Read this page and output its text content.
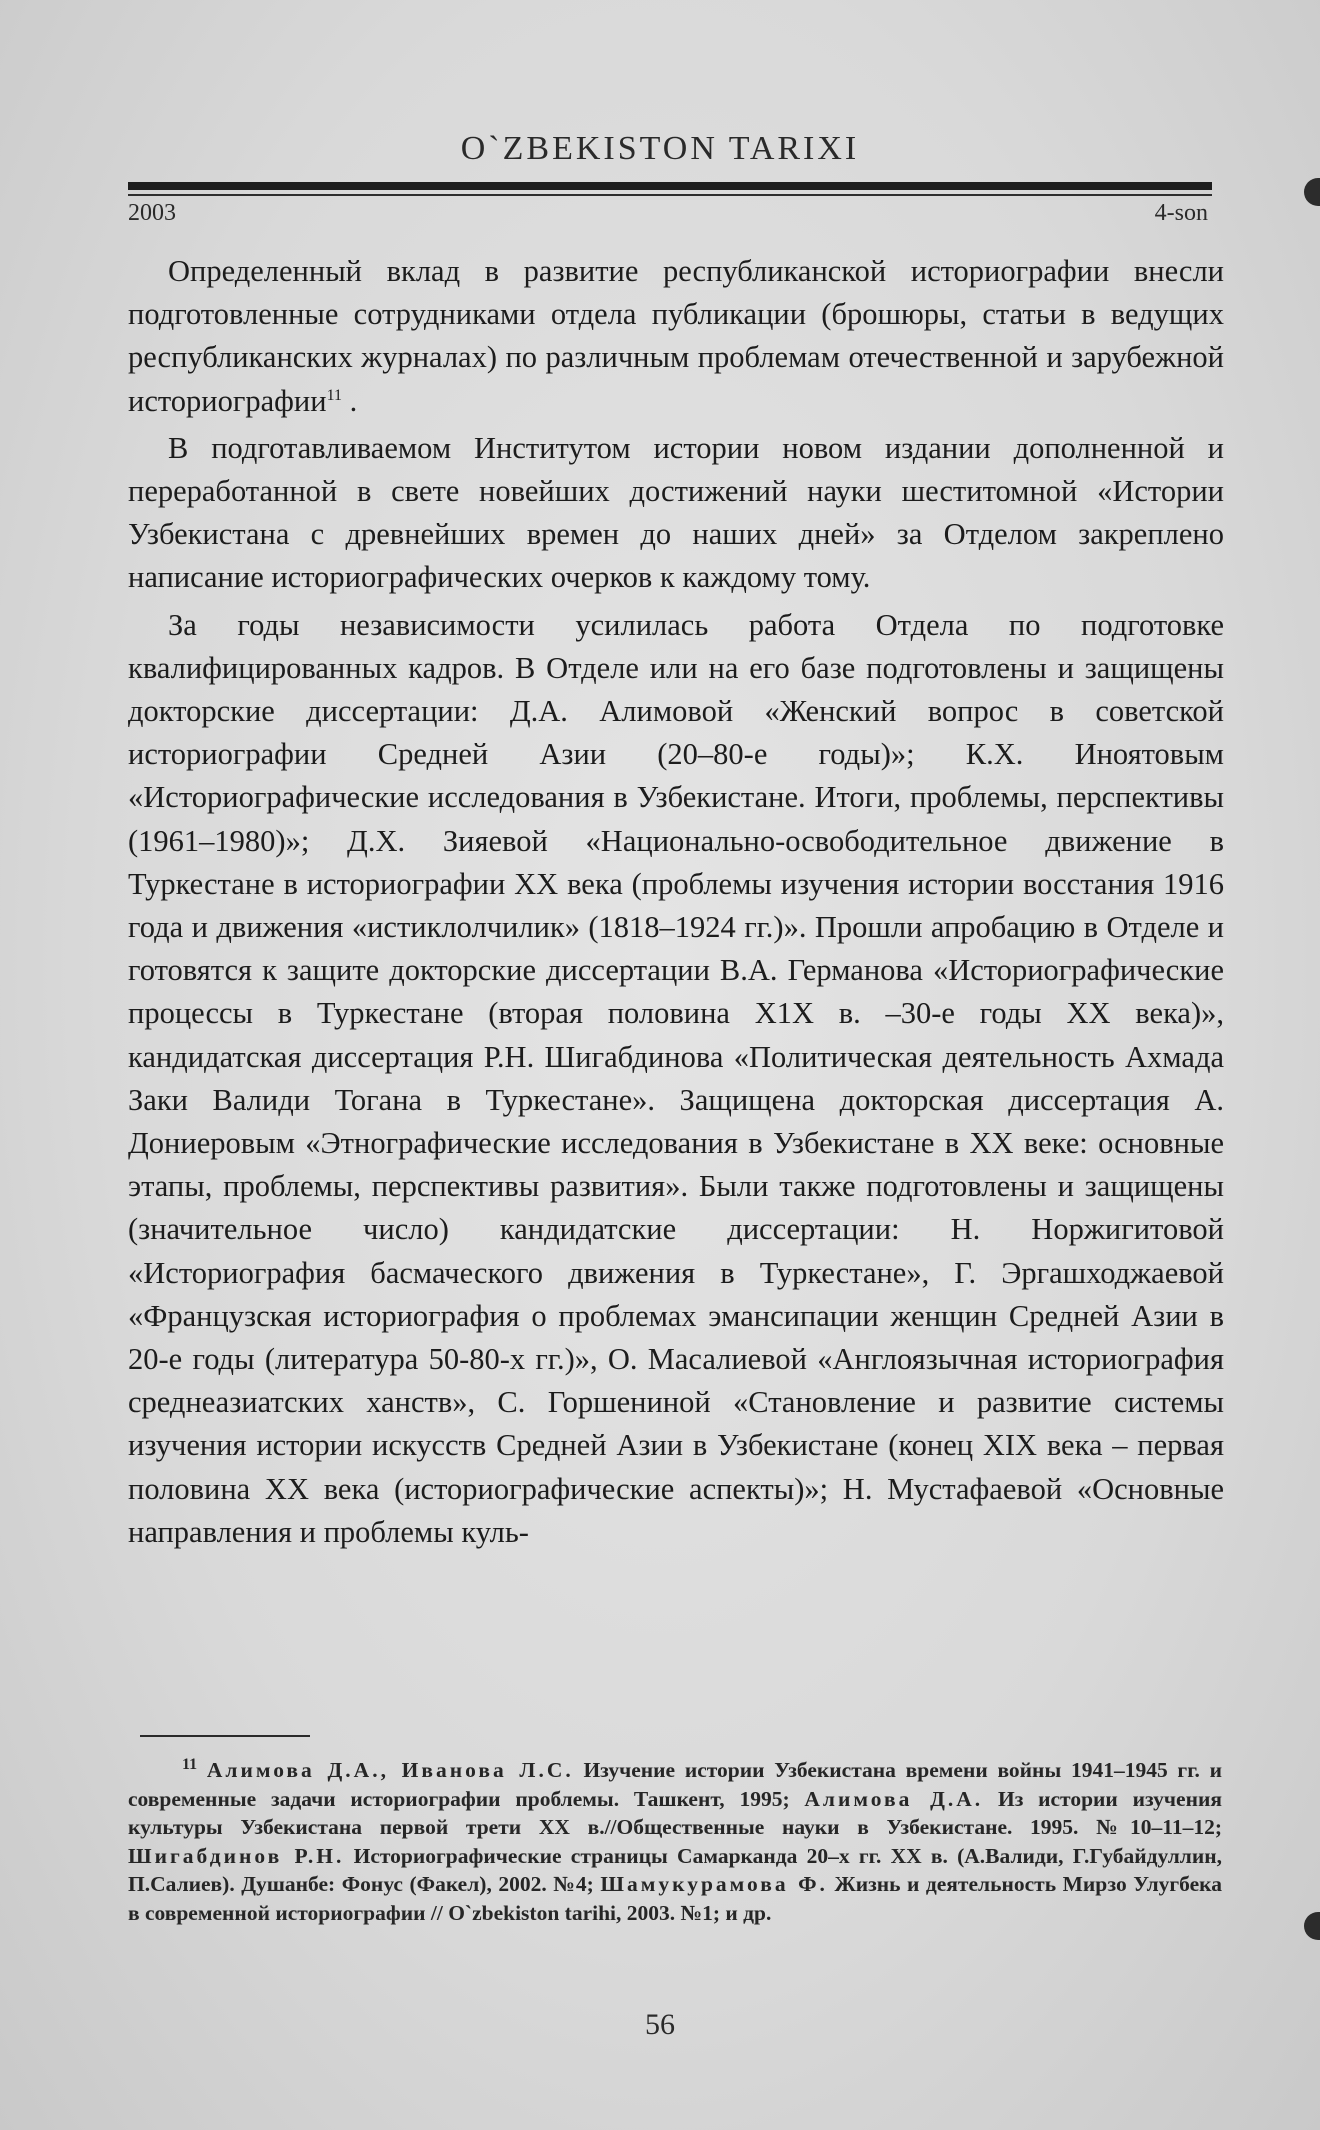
O`ZBEKISTON TARIXI
2003	4-son

Определенный вклад в развитие республиканской историографии внесли подготовленные сотрудниками отдела публикации (брошюры, статьи в ведущих республиканских журналах) по различным проблемам отечественной и зарубежной историографии$^{11}$ .

В подготавливаемом Институтом истории новом издании дополненной и переработанной в свете новейших достижений науки шеститомной «Истории Узбекистана с древнейших времен до наших дней» за Отделом закреплено написание историографических очерков к каждому тому.

За годы независимости усилилась работа Отдела по подготовке квалифицированных кадров. В Отделе или на его базе подготовлены и защищены докторские диссертации: Д.А. Алимовой «Женский вопрос в советской историографии Средней Азии (20–80-е годы)»; К.Х. Иноятовым «Историографические исследования в Узбекистане. Итоги, проблемы, перспективы (1961–1980)»; Д.Х. Зияевой «Национально-освободительное движение в Туркестане в историографии XX века (проблемы изучения истории восстания 1916 года и движения «истиклолчилик» (1818–1924 гг.)». Прошли апробацию в Отделе и готовятся к защите докторские диссертации В.А. Германова «Историографические процессы в Туркестане (вторая половина X1X в. –30-е годы XX века)», кандидатская диссертация Р.Н. Шигабдинова «Политическая деятельность Ахмада Заки Валиди Тогана в Туркестане». Защищена докторская диссертация А. Дониеровым «Этнографические исследования в Узбекистане в XX веке: основные этапы, проблемы, перспективы развития». Были также подготовлены и защищены (значительное число) кандидатские диссертации: Н. Норжигитовой «Историография басмаческого движения в Туркестане», Г. Эргашходжаевой «Французская историография о проблемах эмансипации женщин Средней Азии в 20-е годы (литература 50-80-х гг.)», О. Масалиевой «Англоязычная историография среднеазиатских ханств», С. Горшениной «Становление и развитие системы изучения истории искусств Средней Азии в Узбекистане (конец XIX века – первая половина XX века (историографические аспекты)»; Н. Мустафаевой «Основные направления и проблемы куль-

$^{11}$ Алимова Д.А., Иванова Л.С. Изучение истории Узбекистана времени войны 1941–1945 гг. и современные задачи историографии проблемы. Ташкент, 1995; Алимова Д.А. Из истории изучения культуры Узбекистана первой трети XX в.//Общественные науки в Узбекистане. 1995. №10–11–12; Шигабдинов Р.Н. Историографические страницы Самарканда 20–х гг. XX в. (А.Валиди, Г.Губайдуллин, П.Салиев). Душанбе: Фонус (Факел), 2002. №4; Шамукурамова Ф. Жизнь и деятельность Мирзо Улугбека в современной историографии // O`zbekiston tarihi, 2003. №1; и др.

56
